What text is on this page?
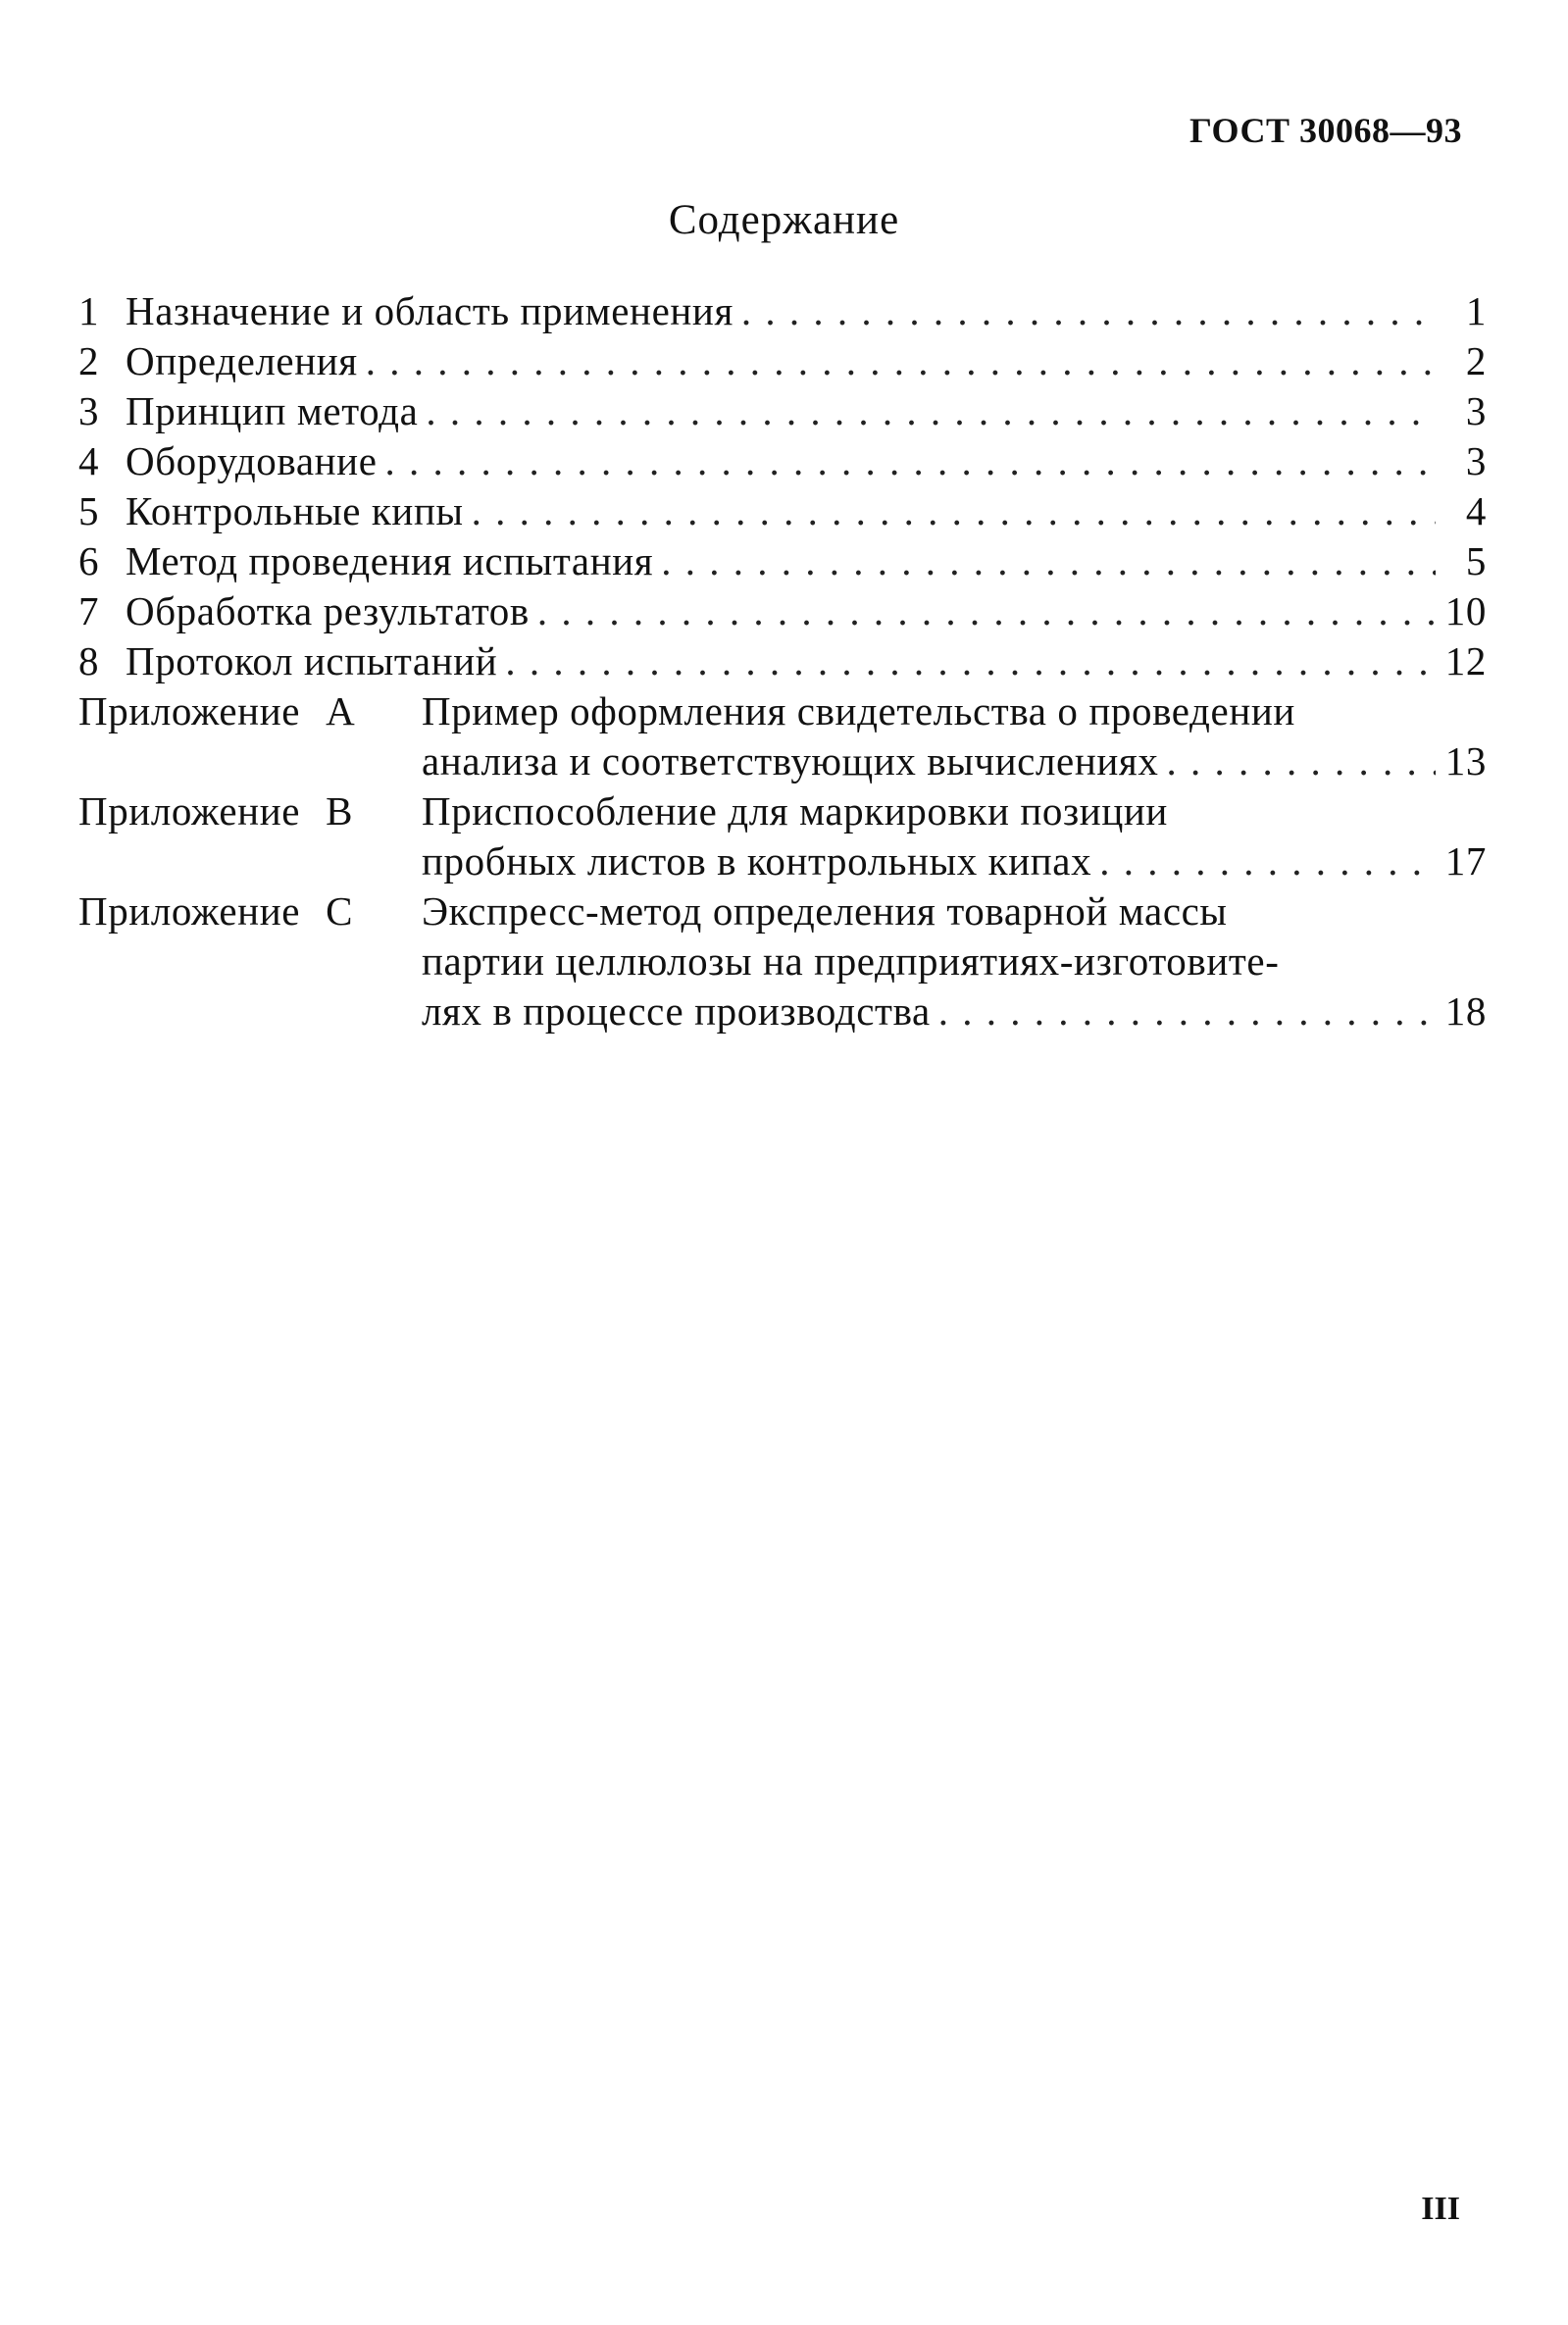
ГОСТ 30068—93
Содержание
1 Назначение и область применения . . .	1
2 Определения . . .	2
3 Принцип метода . . .	3
4 Оборудование . . .	3
5 Контрольные кипы . . .	4
6 Метод проведения испытания . . .	5
7 Обработка результатов . . .	10
8 Протокол испытаний . . .	12
Приложение А	Пример оформления свидетельства о проведении
анализа и соответствующих вычислениях . . .	13
Приложение В	Приспособление для маркировки позиции
пробных листов в контрольных кипах . . .	17
Приложение С	Экспресс-метод определения товарной массы
партии целлюлозы на предприятиях-изготовите-
лях в процессе производства . . .	18
III
